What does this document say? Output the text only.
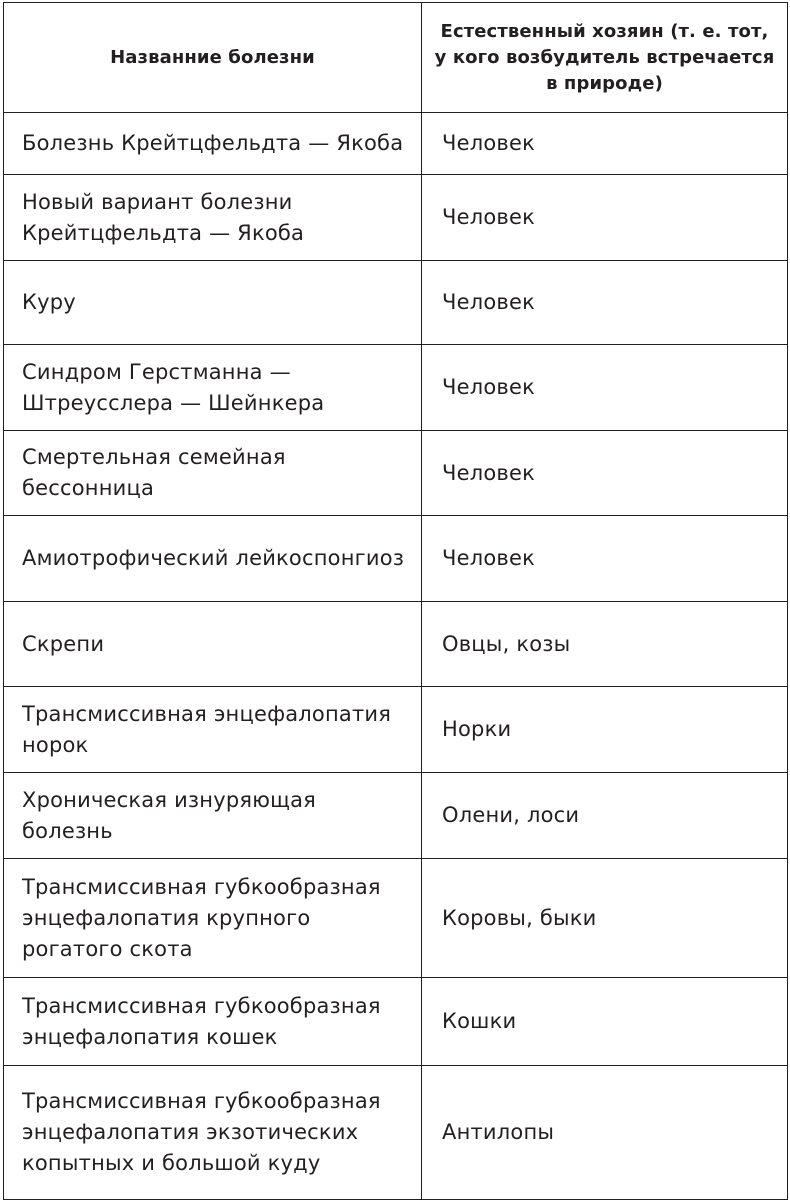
Названние болезни	Естественный хозяин (т. е. тот, у кого возбудитель встречается в природе)
Болезнь Крейтцфельдта — Якоба	Человек
Новый вариант болезни Крейтцфельдта — Якоба	Человек
Куру	Человек
Синдром Герстманна — Штреусслера — Шейнкера	Человек
Смертельная семейная бессонница	Человек
Амиотрофический лейкоспонгиоз	Человек
Скрепи	Овцы, козы
Трансмиссивная энцефалопатия норок	Норки
Хроническая изнуряющая болезнь	Олени, лоси
Трансмиссивная губкообразная энцефалопатия крупного рогатого скота	Коровы, быки
Трансмиссивная губкообразная энцефалопатия кошек	Кошки
Трансмиссивная губкообразная энцефалопатия экзотических копытных и большой куду	Антилопы
